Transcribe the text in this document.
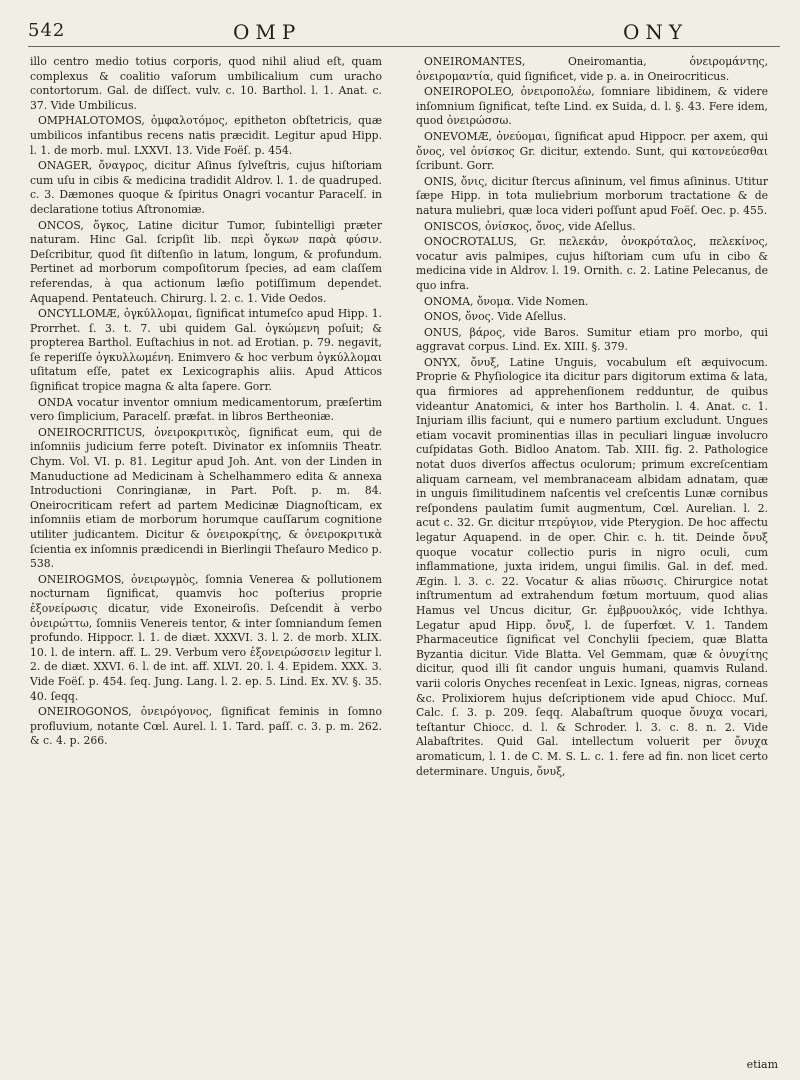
542	OMP	ONY

illo centro medio totius corporis, quod nihil aliud eſt, quam complexus & coalitio vaſorum umbilicalium cum uracho contortorum. Gal. de diſſect. vulv. c. 10. Barthol. l. 1. Anat. c. 37. Vide Umbilicus.

OMPHALOTOMOS, ὀμφαλοτόμος, epitheton obſtetricis, quæ umbilicos infantibus recens natis præcidit. Legitur apud Hipp. l. 1. de morb. mul. LXXVI. 13. Vide Foëſ. p. 454.

ONAGER, ὄναγρος, dicitur Aſinus ſylveſtris, cujus hiſtoriam cum uſu in cibis & medicina tradidit Aldrov. l. 1. de quadruped. c. 3. Dæmones quoque & ſpiritus Onagri vocantur Paracelſ. in declaratione totius Aſtronomiæ.

ONCOS, ὄγκος, Latine dicitur Tumor, ſubintelligi præter naturam. Hinc Gal. ſcripſit lib. περὶ ὄγκων παρὰ φύσιν. Deſcribitur, quod ſit diſtenſio in latum, longum, & profundum. Pertinet ad morborum compoſitorum ſpecies, ad eam claſſem referendas, à qua actionum læſio potiſſimum dependet. Aquapend. Pentateuch. Chirurg. l. 2. c. 1. Vide Oedos.

ONCYLLOMÆ, ὀγκύλλομαι, ſignificat intumeſco apud Hipp. 1. Prorrhet. ſ. 3. t. 7. ubi quidem Gal. ὀγκώμενη poſuit; & propterea Barthol. Euſtachius in not. ad Erotian. p. 79. negavit, ſe reperiſſe ὀγκυλλωμένη. Enimvero & hoc verbum ὀγκύλλομαι uſitatum eſſe, patet ex Lexicographis aliis. Apud Atticos ſignificat tropice magna & alta ſapere. Gorr.

ONDA vocatur inventor omnium medicamentorum, præſertim vero ſimplicium, Paracelſ. præfat. in libros Bertheoniæ.

ONEIROCRITICUS, ὀνειροκριτικὸς, ſignificat eum, qui de inſomniis judicium ferre poteſt. Divinator ex inſomniis Theatr. Chym. Vol. VI. p. 81. Legitur apud Joh. Ant. von der Linden in Manuductione ad Medicinam à Schelhammero edita & annexa Introductioni Conringianæ, in Part. Poſt. p. m. 84. Oneirocriticam refert ad partem Medicinæ Diagnoſticam, ex inſomniis etiam de morborum horumque cauſſarum cognitione utiliter judicantem. Dicitur & ὀνειροκρίτης, & ὀνειροκριτικὰ ſcientia ex inſomnis prædicendi in Bierlingii Theſauro Medico p. 538.

ONEIROGMOS, ὀνειρωγμὸς, ſomnia Venerea & pollutionem nocturnam ſignificat, quamvis hoc poſterius proprie ἐξονείρωσις dicatur, vide Exoneiroſis. Deſcendit à verbo ὀνειρώττω, ſomniis Venereis tentor, & inter ſomniandum ſemen profundo. Hippocr. l. 1. de diæt. XXXVI. 3. l. 2. de morb. XLIX. 10. l. de intern. aff. L. 29. Verbum vero ἐξονειρώσσειν legitur l. 2. de diæt. XXVI. 6. l. de int. aff. XLVI. 20. l. 4. Epidem. XXX. 3. Vide Foëſ. p. 454. ſeq. Jung. Lang. l. 2. ep. 5. Lind. Ex. XV. §. 35. 40. ſeqq.

ONEIROGONOS, ὀνειρόγονος, ſignificat feminis in ſomno profluvium, notante Cœl. Aurel. l. 1. Tard. paſſ. c. 3. p. m. 262. & c. 4. p. 266.

ONEIROMANTES, Oneiromantia, ὀνειρομάντης, ὀνειρομαντία, quid ſignificet, vide p. a. in Oneirocriticus.

ONEIROPOLEO, ὀνειροπολέω, ſomniare libidinem, & videre inſomnium ſignificat, teſte Lind. ex Suida, d. l. §. 43. Fere idem, quod ὀνειρώσσω.

ONEVOMÆ, ὀνεύομαι, ſignificat apud Hippocr. per axem, qui ὄνος, vel ὀνίσκος Gr. dicitur, extendo. Sunt, qui κατονεύεσθαι ſcribunt. Gorr.

ONIS, ὄνις, dicitur ſtercus aſininum, vel fimus aſininus. Utitur ſæpe Hipp. in tota muliebrium morborum tractatione & de natura muliebri, quæ loca videri poſſunt apud Foëſ. Oec. p. 455.

ONISCOS, ὀνίσκος, ὄνος, vide Aſellus.

ONOCROTALUS, Gr. πελεκάν, ὀνοκρόταλος, πελεκίνος, vocatur avis palmipes, cujus hiſtoriam cum uſu in cibo & medicina vide in Aldrov. l. 19. Ornith. c. 2. Latine Pelecanus, de quo infra.

ONOMA, ὄνομα. Vide Nomen.

ONOS, ὄνος. Vide Aſellus.

ONUS, βάρος, vide Baros. Sumitur etiam pro morbo, qui aggravat corpus. Lind. Ex. XIII. §. 379.

ONYX, ὄνυξ, Latine Unguis, vocabulum eſt æquivocum. Proprie & Phyſiologice ita dicitur pars digitorum extima & lata, qua firmiores ad apprehenſionem redduntur, de quibus videantur Anatomici, & inter hos Bartholin. l. 4. Anat. c. 1. Injuriam illis faciunt, qui e numero partium excludunt. Ungues etiam vocavit prominentias illas in peculiari linguæ involucro cuſpidatas Goth. Bidloo Anatom. Tab. XIII. fig. 2. Pathologice notat duos diverſos affectus oculorum; primum excreſcentiam aliquam carneam, vel membranaceam albidam adnatam, quæ in unguis ſimilitudinem naſcentis vel creſcentis Lunæ cornibus reſpondens paulatim ſumit augmentum, Cœl. Aurelian. l. 2. acut c. 32. Gr. dicitur πτερύγιον, vide Pterygion. De hoc affectu legatur Aquapend. in de oper. Chir. c. h. tit. Deinde ὄνυξ quoque vocatur collectio puris in nigro oculi, cum inflammatione, juxta iridem, ungui ſimilis. Gal. in def. med. Ægin. l. 3. c. 22. Vocatur & alias πῦωσις. Chirurgice notat inſtrumentum ad extrahendum fœtum mortuum, quod alias Hamus vel Uncus dicitur, Gr. ἐμβρυουλκός, vide Ichthya. Legatur apud Hipp. ὄνυξ, l. de ſuperfœt. V. 1. Tandem Pharmaceutice ſignificat vel Conchylii ſpeciem, quæ Blatta Byzantia dicitur. Vide Blatta. Vel Gemmam, quæ & ὀνυχίτης dicitur, quod illi ſit candor unguis humani, quamvis Ruland. varii coloris Onyches recenſeat in Lexic. Igneas, nigras, corneas &c. Prolixiorem hujus deſcriptionem vide apud Chiocc. Muſ. Calc. ſ. 3. p. 209. ſeqq. Alabaſtrum quoque ὄνυχα vocari, teſtantur Chiocc. d. l. & Schroder. l. 3. c. 8. n. 2. Vide Alabaſtrites. Quid Gal. intellectum voluerit per ὄνυχα aromaticum, l. 1. de C. M. S. L. c. 1. fere ad fin. non licet certo determinare. Unguis, ὄνυξ,

etiam
